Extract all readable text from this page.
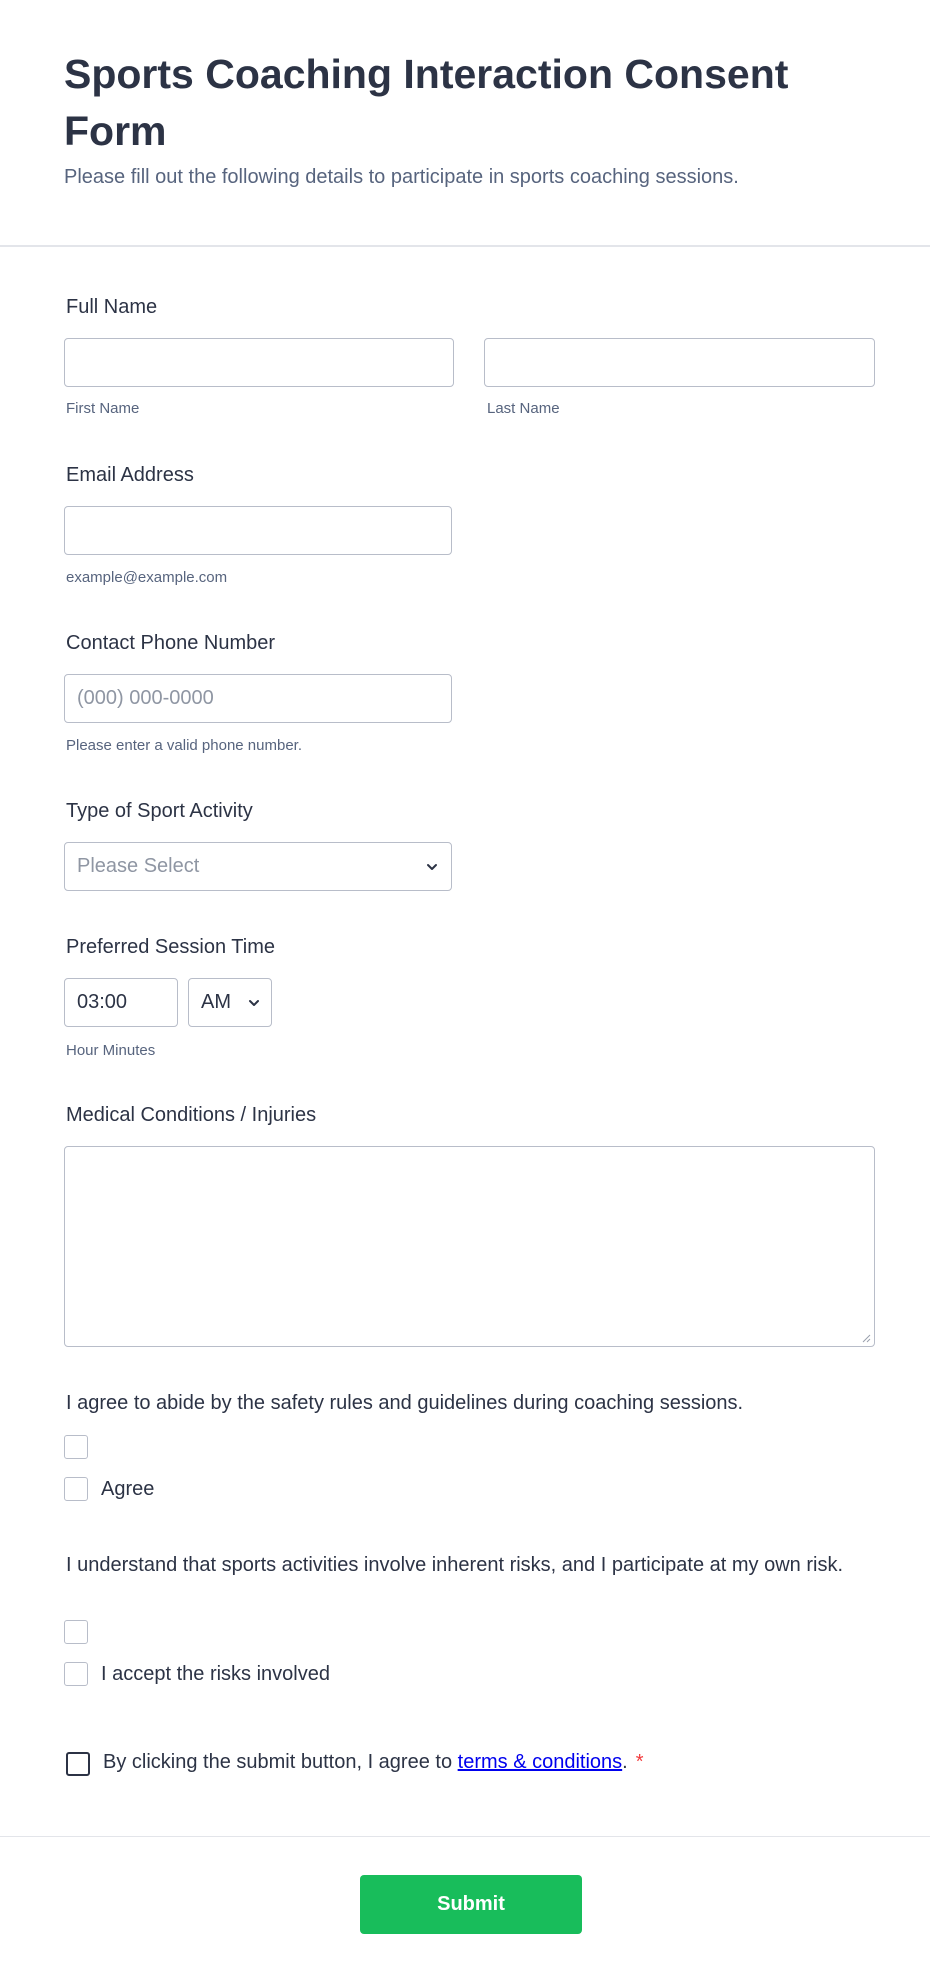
Sports Coaching Interaction Consent Form
Please fill out the following details to participate in sports coaching sessions.
Full Name
First Name	Last Name
Email Address
example@example.com
Contact Phone Number
(000) 000-0000
Please enter a valid phone number.
Type of Sport Activity
Please Select
Preferred Session Time
03:00
AM
Hour Minutes
Medical Conditions / Injuries
I agree to abide by the safety rules and guidelines during coaching sessions.
Agree
I understand that sports activities involve inherent risks, and I participate at my own risk.
I accept the risks involved
By clicking the submit button, I agree to terms & conditions. *
Submit
